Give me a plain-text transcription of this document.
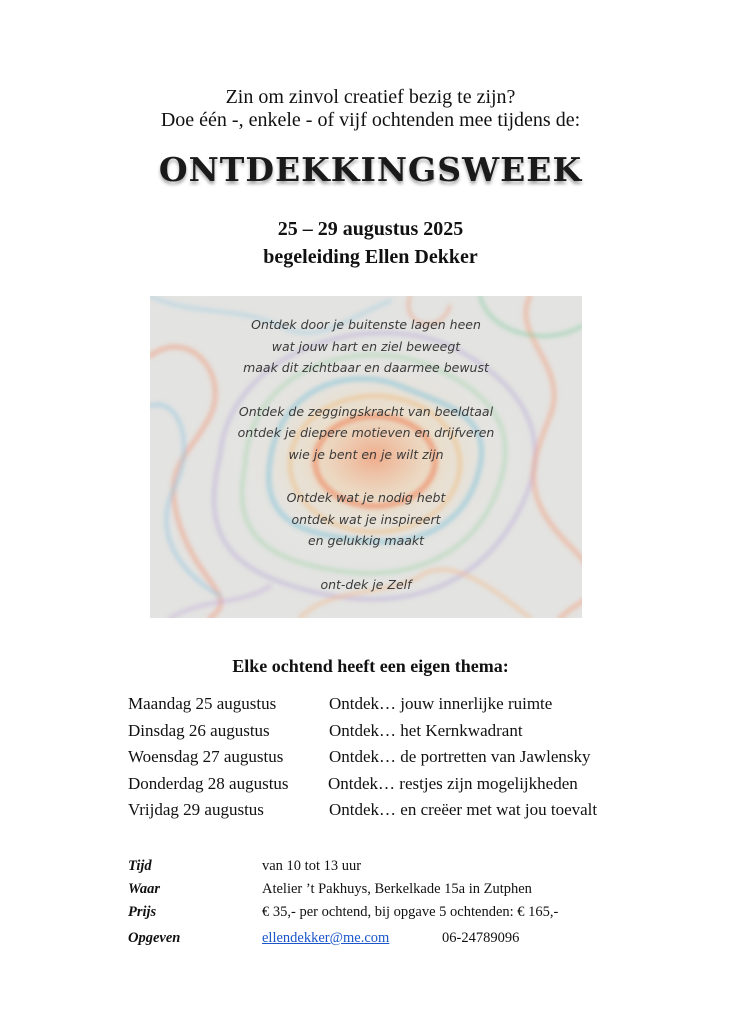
Zin om zinvol creatief bezig te zijn?
Doe één -, enkele - of vijf ochtenden mee tijdens de:
ONTDEKKINGSWEEK
25 – 29 augustus 2025
begeleiding Ellen Dekker
Ontdek door je buitenste lagen heen
wat jouw hart en ziel beweegt
maak dit zichtbaar en daarmee bewust
Ontdek de zeggingskracht van beeldtaal
ontdek je diepere motieven en drijfveren
wie je bent en je wilt zijn
Ontdek wat je nodig hebt
ontdek wat je inspireert
en gelukkig maakt
ont-dek je Zelf
Elke ochtend heeft een eigen thema:
Maandag 25 augustus	Ontdek… jouw innerlijke ruimte
Dinsdag 26 augustus	Ontdek… het Kernkwadrant
Woensdag 27 augustus	Ontdek… de portretten van Jawlensky
Donderdag 28 augustus Ontdek… restjes zijn mogelijkheden
Vrijdag 29 augustus	Ontdek… en creëer met wat jou toevalt
Tijd	van 10 tot 13 uur
Waar	Atelier ’t Pakhuys, Berkelkade 15a in Zutphen
Prijs	€ 35,- per ochtend, bij opgave 5 ochtenden: € 165,-
Opgeven	ellendekker@me.com	06-24789096
